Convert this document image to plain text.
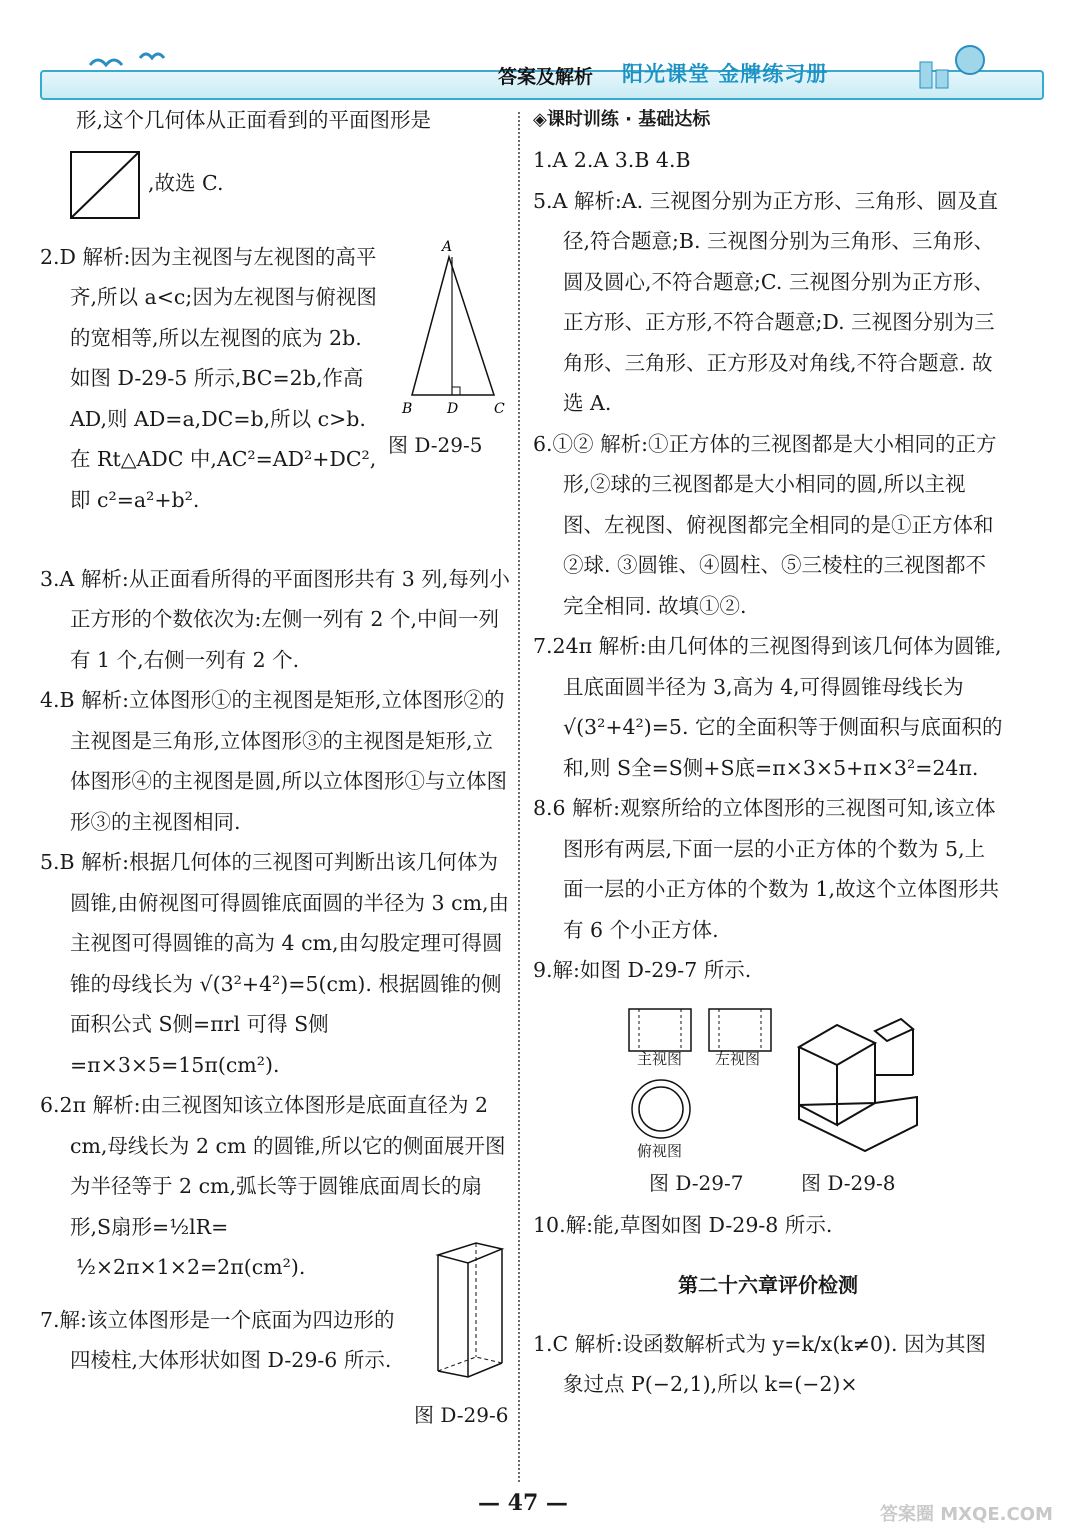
答案及解析 阳光课堂 金牌练习册

形,这个几何体从正面看到的平面图形是

,故选 C.

2.D 解析:因为主视图与左视图的高平齐,所以 a<c;因为左视图与俯视图的宽相等,所以左视图的底为 2b. 如图 D-29-5 所示,BC=2b,作高 AD,则 AD=a,DC=b,所以 c>b. 在 Rt△ADC 中,AC²=AD²+DC²,即 c²=a²+b².

A
B D	C
图 D-29-5

3.A 解析:从正面看所得的平面图形共有 3 列,每列小正方形的个数依次为:左侧一列有 2 个,中间一列有 1 个,右侧一列有 2 个.

4.B 解析:立体图形①的主视图是矩形,立体图形②的主视图是三角形,立体图形③的主视图是矩形,立体图形④的主视图是圆,所以立体图形①与立体图形③的主视图相同.

5.B 解析:根据几何体的三视图可判断出该几何体为圆锥,由俯视图可得圆锥底面圆的半径为 3 cm,由主视图可得圆锥的高为 4 cm,由勾股定理可得圆锥的母线长为 √(3²+4²)=5(cm). 根据圆锥的侧面积公式 S侧=πrl 可得 S侧=π×3×5=15π(cm²).

6.2π 解析:由三视图知该立体图形是底面直径为 2 cm,母线长为 2 cm 的圆锥,所以它的侧面展开图为半径等于 2 cm,弧长等于圆锥底面周长的扇形,S扇形=½lR=

½×2π×1×2=2π(cm²).

7.解:该立体图形是一个底面为四边形的四棱柱,大体形状如图 D-29-6 所示.

图 D-29-6

◈课时训练 · 基础达标

1.A 2.A 3.B 4.B

5.A 解析:A. 三视图分别为正方形、三角形、圆及直径,符合题意;B. 三视图分别为三角形、三角形、圆及圆心,不符合题意;C. 三视图分别为正方形、正方形、正方形,不符合题意;D. 三视图分别为三角形、三角形、正方形及对角线,不符合题意. 故选 A.

6.①② 解析:①正方体的三视图都是大小相同的正方形,②球的三视图都是大小相同的圆,所以主视图、左视图、俯视图都完全相同的是①正方体和②球. ③圆锥、④圆柱、⑤三棱柱的三视图都不完全相同. 故填①②.

7.24π 解析:由几何体的三视图得到该几何体为圆锥,且底面圆半径为 3,高为 4,可得圆锥母线长为 √(3²+4²)=5. 它的全面积等于侧面积与底面积的和,则 S全=S侧+S底=π×3×5+π×3²=24π.

8.6 解析:观察所给的立体图形的三视图可知,该立体图形有两层,下面一层的小正方体的个数为 5,上面一层的小正方体的个数为 1,故这个立体图形共有 6 个小正方体.

9.解:如图 D-29-7 所示.

主视图 左视图
俯视图
图 D-29-7	图 D-29-8

10.解:能,草图如图 D-29-8 所示.

第二十六章评价检测

1.C 解析:设函数解析式为 y=k/x(k≠0). 因为其图象过点 P(−2,1),所以 k=(−2)×

— 47 —	答案圈 MXQE.COM
